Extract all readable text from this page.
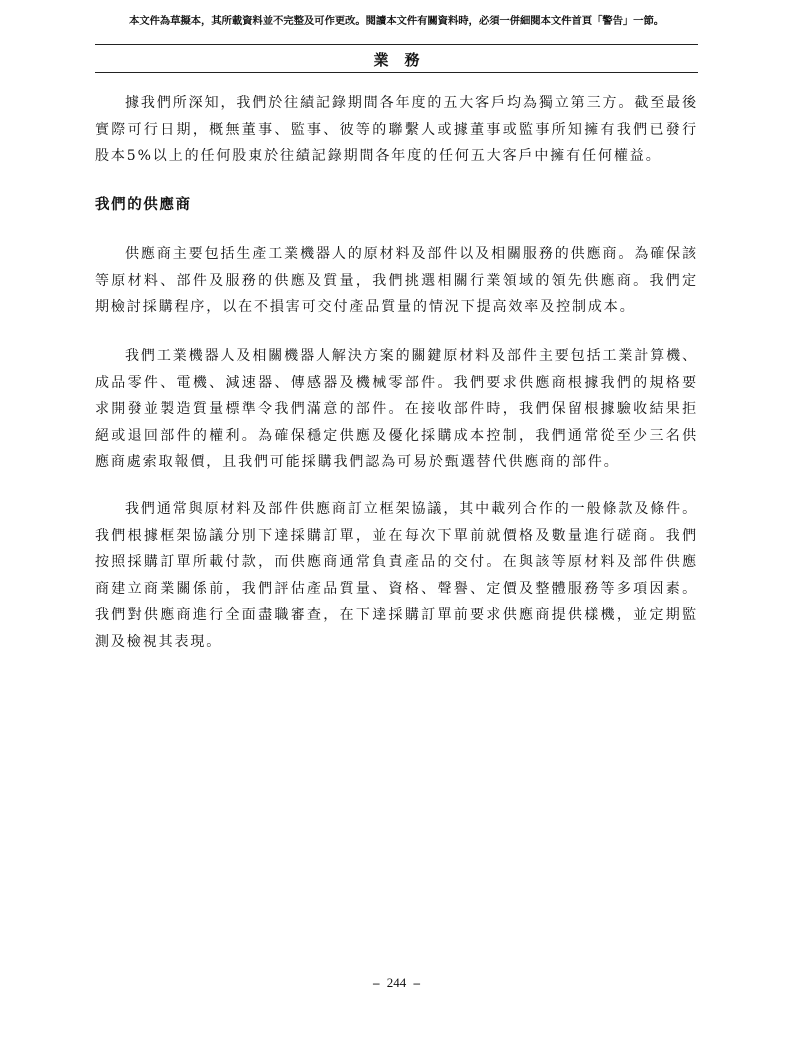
本文件為草擬本，其所載資料並不完整及可作更改。閱讀本文件有關資料時，必須一併細閱本文件首頁「警告」一節。
業務

據我們所深知，我們於往績記錄期間各年度的五大客戶均為獨立第三方。截至最後實際可行日期，概無董事、監事、彼等的聯繫人或據董事或監事所知擁有我們已發行股本5%以上的任何股東於往績記錄期間各年度的任何五大客戶中擁有任何權益。

我們的供應商

供應商主要包括生產工業機器人的原材料及部件以及相關服務的供應商。為確保該等原材料、部件及服務的供應及質量，我們挑選相關行業領域的領先供應商。我們定期檢討採購程序，以在不損害可交付產品質量的情況下提高效率及控制成本。

我們工業機器人及相關機器人解決方案的關鍵原材料及部件主要包括工業計算機、成品零件、電機、減速器、傳感器及機械零部件。我們要求供應商根據我們的規格要求開發並製造質量標準令我們滿意的部件。在接收部件時，我們保留根據驗收結果拒絕或退回部件的權利。為確保穩定供應及優化採購成本控制，我們通常從至少三名供應商處索取報價，且我們可能採購我們認為可易於甄選替代供應商的部件。

我們通常與原材料及部件供應商訂立框架協議，其中載列合作的一般條款及條件。我們根據框架協議分別下達採購訂單，並在每次下單前就價格及數量進行磋商。我們按照採購訂單所載付款，而供應商通常負責產品的交付。在與該等原材料及部件供應商建立商業關係前，我們評估產品質量、資格、聲譽、定價及整體服務等多項因素。我們對供應商進行全面盡職審查，在下達採購訂單前要求供應商提供樣機，並定期監測及檢視其表現。

– 244 –
